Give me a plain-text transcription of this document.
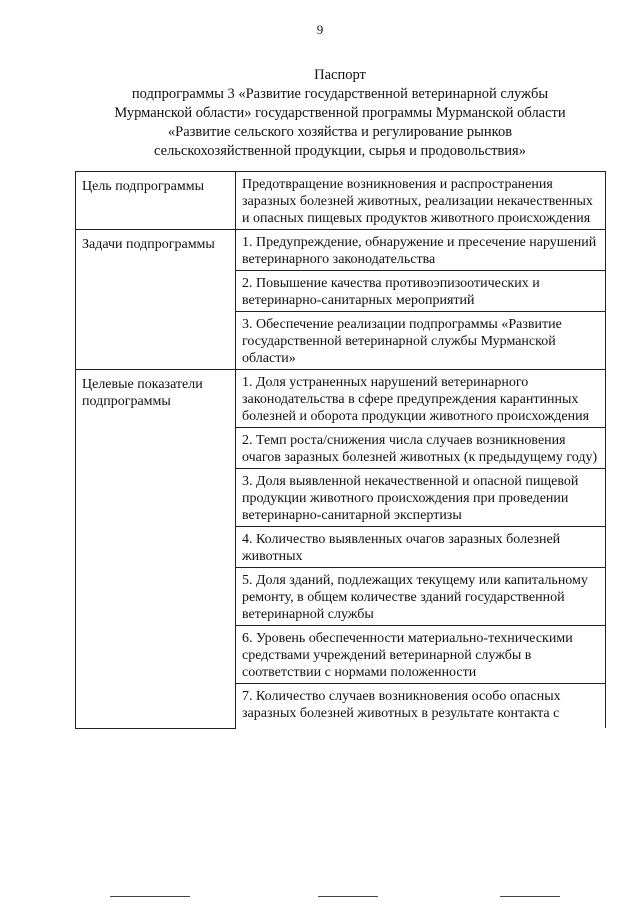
9
Паспорт
подпрограммы 3 «Развитие государственной ветеринарной службы
Мурманской области» государственной программы Мурманской области
«Развитие сельского хозяйства и регулирование рынков
сельскохозяйственной продукции, сырья и продовольствия»
Цель подпрограммы	Предотвращение возникновения и распространения заразных болезней животных, реализации некачественных и опасных пищевых продуктов животного происхождения
Задачи подпрограммы	1. Предупреждение, обнаружение и пресечение нарушений ветеринарного законодательства
	2. Повышение качества противоэпизоотических и ветеринарно-санитарных мероприятий
	3. Обеспечение реализации подпрограммы «Развитие государственной ветеринарной службы Мурманской области»
Целевые показатели подпрограммы	1. Доля устраненных нарушений ветеринарного законодательства в сфере предупреждения карантинных болезней и оборота продукции животного происхождения
	2. Темп роста/снижения числа случаев возникновения очагов заразных болезней животных (к предыдущему году)
	3. Доля выявленной некачественной и опасной пищевой продукции животного происхождения при проведении ветеринарно-санитарной экспертизы
	4. Количество выявленных очагов заразных болезней животных
	5. Доля зданий, подлежащих текущему или капитальному ремонту, в общем количестве зданий государственной ветеринарной службы
	6. Уровень обеспеченности материально-техническими средствами учреждений ветеринарной службы в соответствии с нормами положенности
	7. Количество случаев возникновения особо опасных заразных болезней животных в результате контакта с
